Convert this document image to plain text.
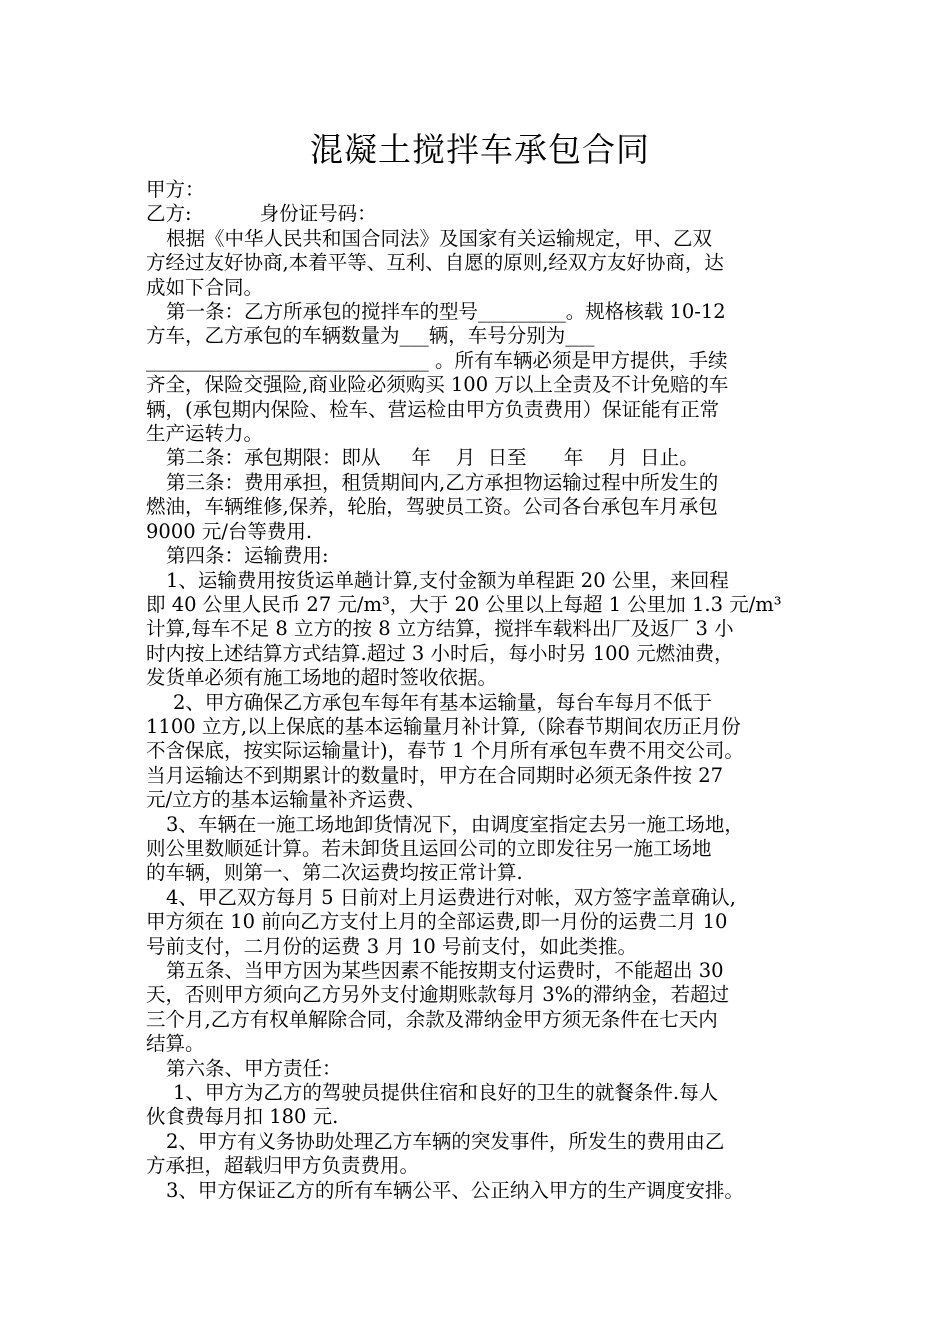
混凝土搅拌车承包合同
甲方：
乙方:	身份证号码：
根据《中华人民共和国合同法》及国家有关运输规定，甲、乙双
方经过友好协商,本着平等、互利、自愿的原则,经双方友好协商，达
成如下合同。
第一条：乙方所承包的搅拌车的型号_________。规格核载 10-12
方车，乙方承包的车辆数量为___辆，车号分别为___
_____________________________ 。所有车辆必须是甲方提供，手续
齐全，保险交强险,商业险必须购买 100 万以上全责及不计免赔的车
辆，(承包期内保险、检车、营运检由甲方负责费用）保证能有正常
生产运转力。
第二条：承包期限：即从     年    月  日至      年    月  日止。
第三条：费用承担，租赁期间内,乙方承担物运输过程中所发生的
燃油，车辆维修,保养，轮胎，驾驶员工资。公司各台承包车月承包
9000 元/台等费用.
第四条：运输费用:
1、运输费用按货运单趟计算,支付金额为单程距 20 公里，来回程
即 40 公里人民币 27 元/m³，大于 20 公里以上每超 1 公里加 1.3 元/m³
计算,每车不足 8 立方的按 8 立方结算，搅拌车载料出厂及返厂 3 小
时内按上述结算方式结算.超过 3 小时后，每小时另 100 元燃油费，
发货单必须有施工场地的超时签收依据。
2、甲方确保乙方承包车每年有基本运输量，每台车每月不低于
1100 立方,以上保底的基本运输量月补计算,（除春节期间农历正月份
不含保底，按实际运输量计)，春节 1 个月所有承包车费不用交公司。
当月运输达不到期累计的数量时，甲方在合同期时必须无条件按 27
元/立方的基本运输量补齐运费、
3、车辆在一施工场地卸货情况下，由调度室指定去另一施工场地，
则公里数顺延计算。若未卸货且运回公司的立即发往另一施工场地
的车辆，则第一、第二次运费均按正常计算.
4、甲乙双方每月 5 日前对上月运费进行对帐，双方签字盖章确认,
甲方须在 10 前向乙方支付上月的全部运费,即一月份的运费二月 10
号前支付，二月份的运费 3 月 10 号前支付，如此类推。
第五条、当甲方因为某些因素不能按期支付运费时，不能超出 30
天，否则甲方须向乙方另外支付逾期账款每月 3%的滞纳金，若超过
三个月,乙方有权单解除合同，余款及滞纳金甲方须无条件在七天内
结算。
第六条、甲方责任：
1、甲方为乙方的驾驶员提供住宿和良好的卫生的就餐条件.每人
伙食费每月扣 180 元.
2、甲方有义务协助处理乙方车辆的突发事件，所发生的费用由乙
方承担，超载归甲方负责费用。
3、甲方保证乙方的所有车辆公平、公正纳入甲方的生产调度安排。
